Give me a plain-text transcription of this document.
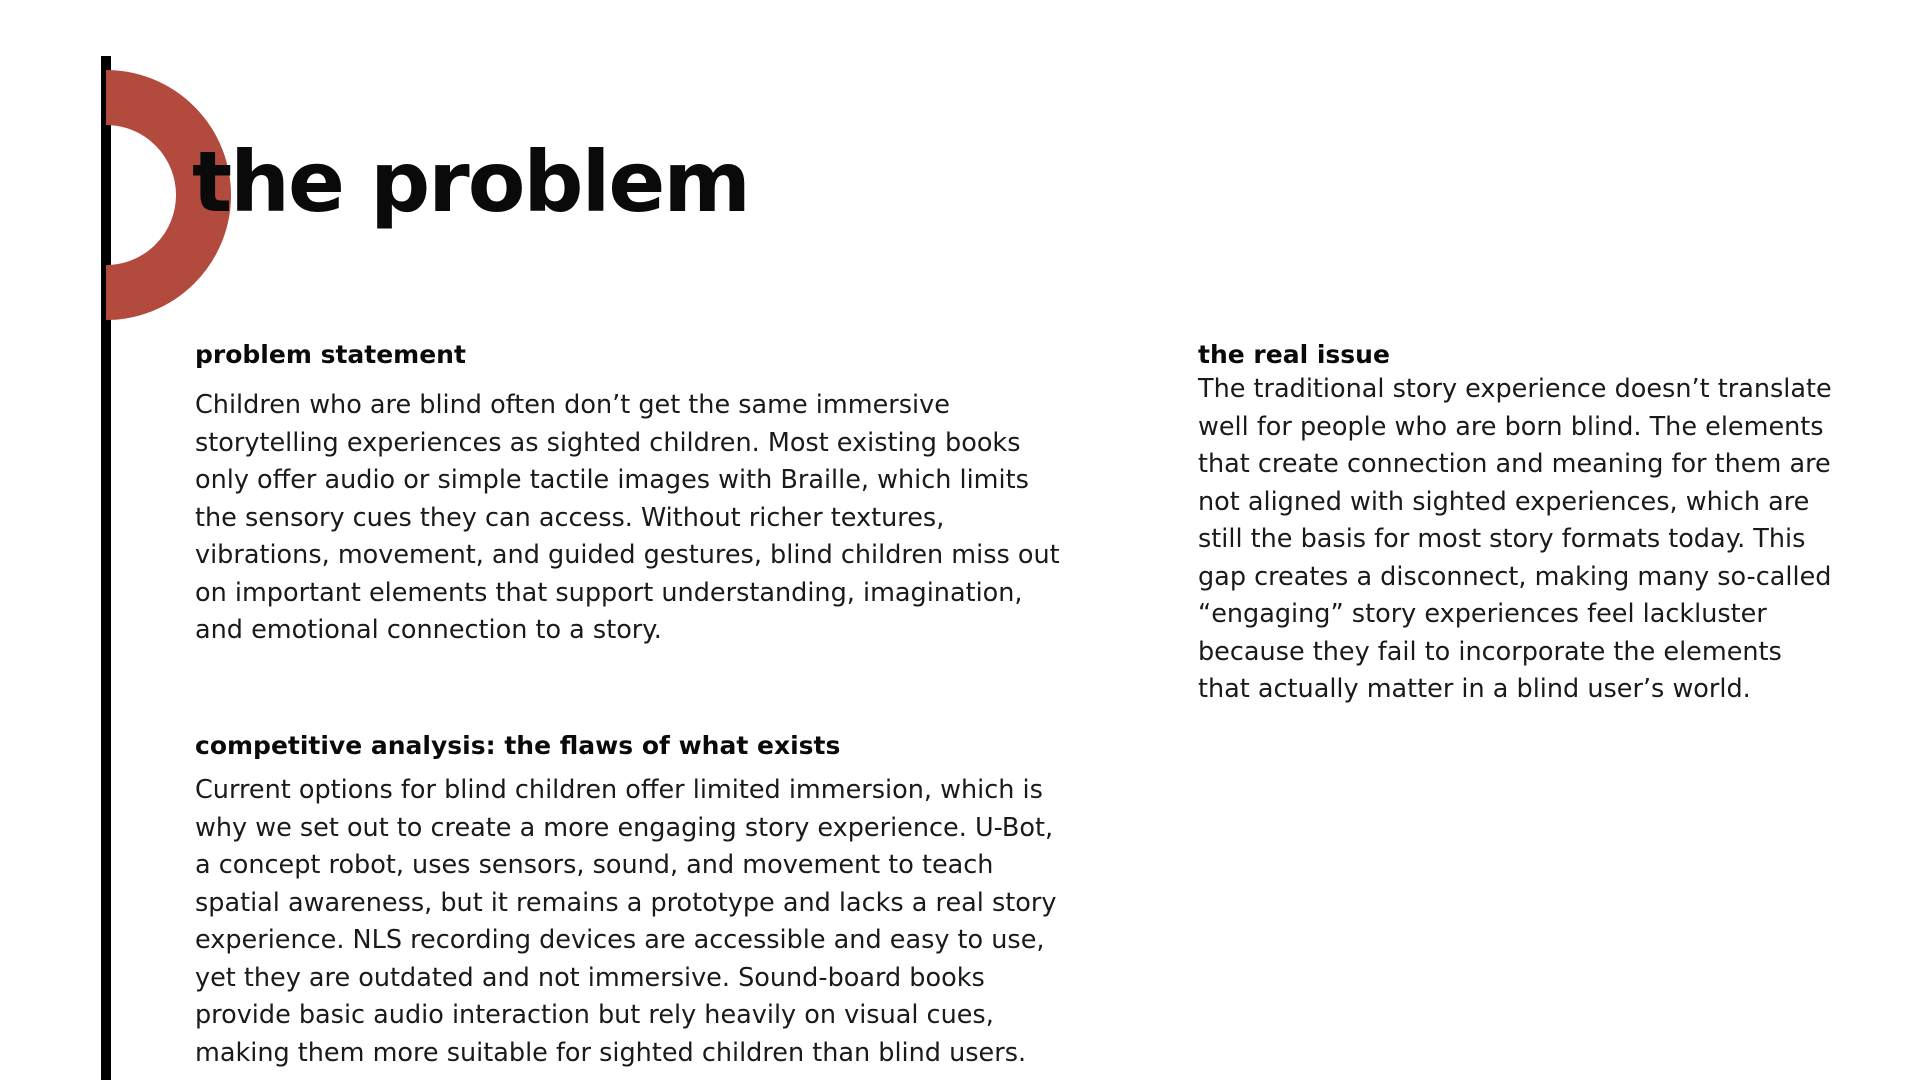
the problem
problem statement

Children who are blind often don’t get the same immersive storytelling experiences as sighted children. Most existing books only offer audio or simple tactile images with Braille, which limits the sensory cues they can access. Without richer textures, vibrations, movement, and guided gestures, blind children miss out on important elements that support understanding, imagination, and emotional connection to a story.

competitive analysis: the flaws of what exists

Current options for blind children offer limited immersion, which is why we set out to create a more engaging story experience. U-Bot, a concept robot, uses sensors, sound, and movement to teach spatial awareness, but it remains a prototype and lacks a real story experience. NLS recording devices are accessible and easy to use, yet they are outdated and not immersive. Sound-board books provide basic audio interaction but rely heavily on visual cues, making them more suitable for sighted children than blind users.

the real issue

The traditional story experience doesn’t translate well for people who are born blind. The elements that create connection and meaning for them are not aligned with sighted experiences, which are still the basis for most story formats today. This gap creates a disconnect, making many so-called “engaging” story experiences feel lackluster because they fail to incorporate the elements that actually matter in a blind user’s world.
